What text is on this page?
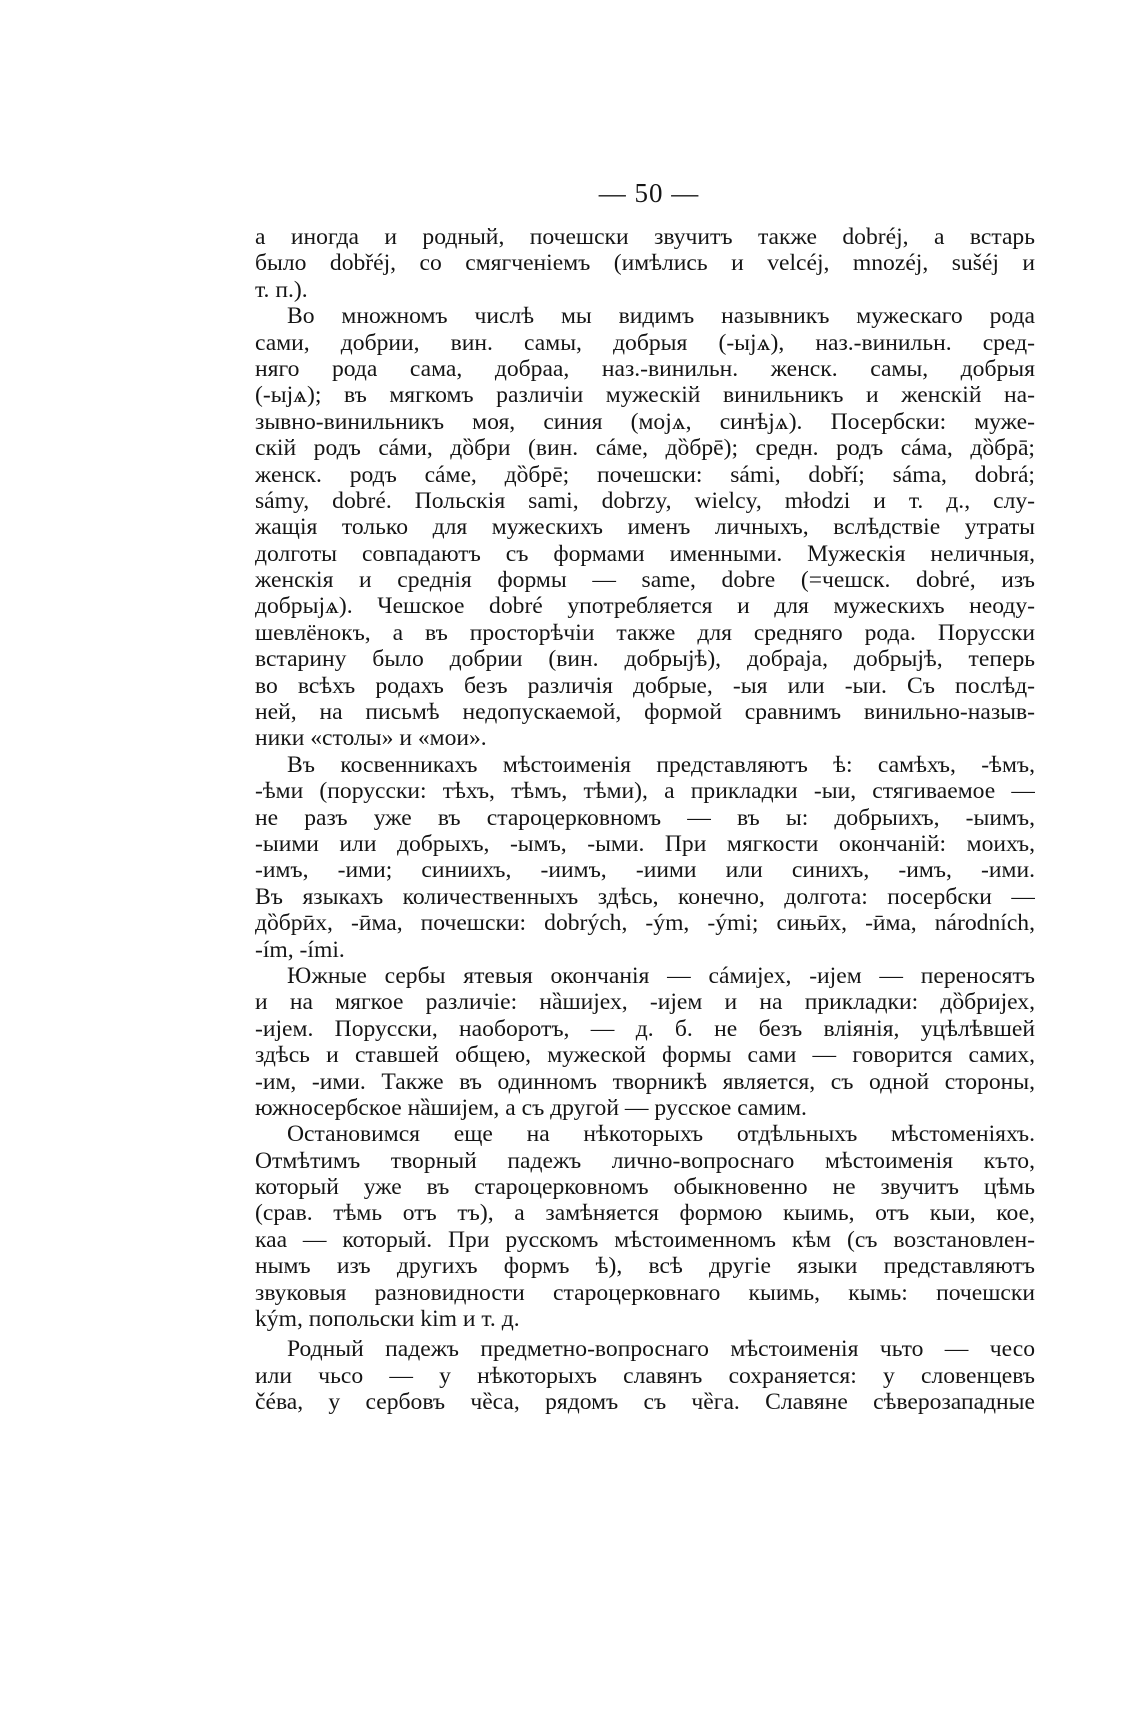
— 50 —
а иногда и родный, почешски звучитъ также dobréj, а встарь
было dobřéj, со смягченіемъ (имѣлись и velcéj, mnozéj, sušéj и
т. п.).
Во множномъ числѣ мы видимъ назывникъ мужескаго рода
сами, добрии, вин. самы, добрыя (-ыјѧ), наз.-винильн. сред-
няго рода сама, добраа, наз.-винильн. женск. самы, добрыя
(-ыјѧ); въ мягкомъ различіи мужескій винильникъ и женскій на-
зывно-винильникъ моя, синия (мојѧ, синѣјѧ). Посербски: муже-
скій родъ сáми, дȍбри (вин. сáме, дȍбрē); средн. родъ сáма, дȍбрā;
женск. родъ сáме, дȍбрē; почешски: sámi, dobří; sáma, dobrá;
sámy, dobré. Польскія sami, dobrzy, wielcy, młodzi и т. д., слу-
жащія только для мужескихъ именъ личныхъ, вслѣдствіе утраты
долготы совпадаютъ съ формами именными. Мужескія неличныя,
женскія и среднія формы — same, dobre (=чешск. dobré, изъ
добрыјѧ). Чешское dobré употребляется и для мужескихъ неоду-
шевлёнокъ, а въ просторѣчіи также для средняго рода. Порусски
встарину было добрии (вин. добрыјѣ), добраја, добрыјѣ, теперь
во всѣхъ родахъ безъ различія добрые, -ыя или -ыи. Съ послѣд-
ней, на письмѣ недопускаемой, формой сравнимъ винильно-назыв-
ники «столы» и «мои».
Въ косвенникахъ мѣстоименія представляютъ ѣ: самѣхъ, -ѣмъ,
-ѣми (порусски: тѣхъ, тѣмъ, тѣми), а прикладки -ыи, стягиваемое —
не разъ уже въ староцерковномъ — въ ы: добрыихъ, -ыимъ,
-ыими или добрыхъ, -ымъ, -ыми. При мягкости окончаній: моихъ,
-имъ, -ими; синиихъ, -иимъ, -иими или синихъ, -имъ, -ими.
Въ языкахъ количественныхъ здѣсь, конечно, долгота: посербски —
дȍбрӣх, -ӣма, почешски: dobrých, -ým, -ými; сињӣх, -ӣма, národních,
-ím, -ími.
Южные сербы ятевыя окончанія — сáмијех, -ијем — переносятъ
и на мягкое различіе: нȁшијех, -ијем и на прикладки: дȍбријех,
-ијем. Порусски, наоборотъ, — д. б. не безъ вліянія, уцѣлѣвшей
здѣсь и ставшей общею, мужеской формы сами — говорится самих,
-им, -ими. Также въ одинномъ творникѣ является, съ одной стороны,
южносербское нȁшијем, а съ другой — русское самим.
Остановимся еще на нѣкоторыхъ отдѣльныхъ мѣстоменіяхъ.
Отмѣтимъ творный падежъ лично-вопроснаго мѣстоименія къто,
который уже въ староцерковномъ обыкновенно не звучитъ цѣмь
(срав. тѣмь отъ тъ), а замѣняется формою кыимь, отъ кыи, кое,
каа — который. При русскомъ мѣстоименномъ кѣм (съ возстановлен-
нымъ изъ другихъ формъ ѣ), всѣ другіе языки представляютъ
звуковыя разновидности староцерковнаго кыимь, кымь: почешски
kým, попольски kim и т. д.
Родный падежъ предметно-вопроснаго мѣстоименія чьто — чесо
или чьсо — у нѣкоторыхъ славянъ сохраняется: у словенцевъ
čéва, у сербовъ чȅса, рядомъ съ чȅга. Славяне сѣверозападные
